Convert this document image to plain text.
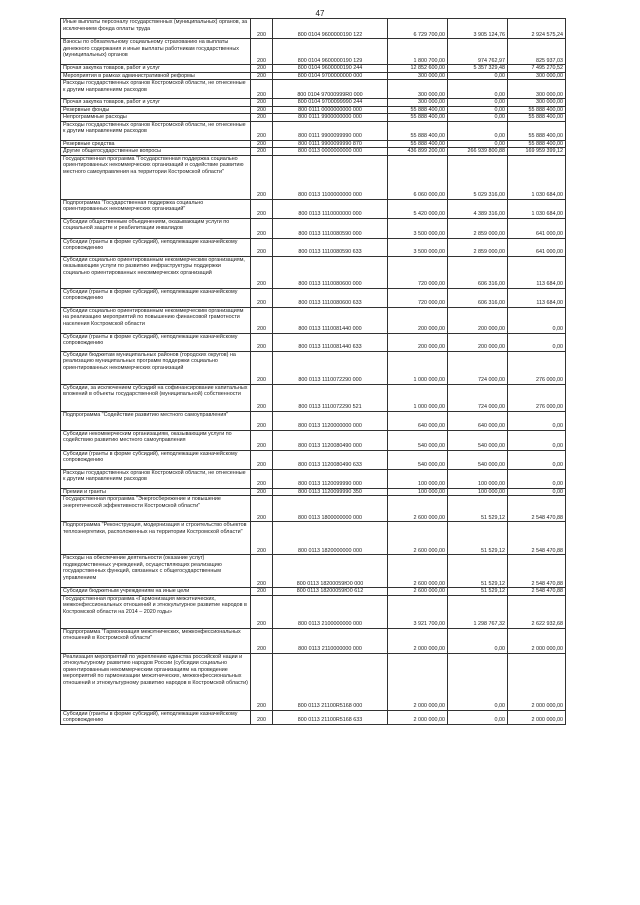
47
Иные выплаты персоналу государственных (муниципальных) органов, за исключением фонда оплаты труда	200	800 0104 9600000190 122	6 729 700,00	3 905 124,76	2 924 575,24
Взносы по обязательному социальному страхованию на выплаты денежного содержания и иные выплаты работникам государственных (муниципальных) органов	200	800 0104 9600000190 129	1 800 700,00	974 762,97	825 937,03
Прочая закупка товаров, работ и услуг	200	800 0104 9600000190 244	12 852 600,00	5 357 329,48	7 495 270,52
Мероприятия в рамках административной реформы	200	800 0104 9700000000 000	300 000,00	0,00	300 000,00
Расходы государственных органов Костромской области, не отнесенные к другим направлениям расходов	200	800 0104 97000999R0 000	300 000,00	0,00	300 000,00
Прочая закупка товаров, работ и услуг	200	800 0104 9700099990 244	300 000,00	0,00	300 000,00
Резервные фонды	200	800 0111 0000000000 000	55 888 400,00	0,00	55 888 400,00
Непрограммные расходы	200	800 0111 9900000000 000	55 888 400,00	0,00	55 888 400,00
Расходы государственных органов Костромской области, не отнесенные к другим направлениям расходов	200	800 0111 9900099990 000	55 888 400,00	0,00	55 888 400,00
Резервные средства	200	800 0111 9900099990 870	55 888 400,00	0,00	55 888 400,00
Другие общегосударственные вопросы	200	800 0113 0000000000 000	436 899 200,00	266 939 800,88	169 959 399,12
Государственная программа "Государственная поддержка социально ориентированных некоммерческих организаций и содействие развитию местного самоуправления на территории Костромской области"	200	800 0113 1100000000 000	6 060 000,00	5 029 316,00	1 030 684,00
Подпрограмма "Государственная поддержка социально ориентированных некоммерческих организаций"	200	800 0113 1110000000 000	5 420 000,00	4 389 316,00	1 030 684,00
Субсидии общественным объединениям, оказывающим услуги по социальной защите и реабилитации инвалидов	200	800 0113 1110080590 000	3 500 000,00	2 859 000,00	641 000,00
Субсидии (гранты в форме субсидий), неподлежащие казначейскому сопровождению	200	800 0113 1110080590 633	3 500 000,00	2 859 000,00	641 000,00
Субсидии социально ориентированным некоммерческим организациям, оказывающим услуги по развитию инфраструктуры поддержки социально ориентированных некоммерческих организаций	200	800 0113 1110080600 000	720 000,00	606 316,00	113 684,00
Субсидии (гранты в форме субсидий), неподлежащие казначейскому сопровождению	200	800 0113 1110080600 633	720 000,00	606 316,00	113 684,00
Субсидии социально ориентированным некоммерческим организациям на реализацию мероприятий по повышению финансовой грамотности населения Костромской области	200	800 0113 1110081440 000	200 000,00	200 000,00	0,00
Субсидии (гранты в форме субсидий), неподлежащие казначейскому сопровождению	200	800 0113 1110081440 633	200 000,00	200 000,00	0,00
Субсидии бюджетам муниципальных районов (городских округов) на реализацию муниципальных программ поддержки социально ориентированных некоммерческих организаций	200	800 0113 1110072290 000	1 000 000,00	724 000,00	276 000,00
Субсидии, за исключением субсидий на софинансирование капитальных вложений в объекты государственной (муниципальной) собственности	200	800 0113 1110072290 521	1 000 000,00	724 000,00	276 000,00
Подпрограмма "Содействие развитию местного самоуправления"	200	800 0113 1120000000 000	640 000,00	640 000,00	0,00
Субсидии некоммерческим организациям, оказывающим услуги по содействию развитию местного самоуправления	200	800 0113 1120080490 000	540 000,00	540 000,00	0,00
Субсидии (гранты в форме субсидий), неподлежащие казначейскому сопровождению	200	800 0113 1120080490 633	540 000,00	540 000,00	0,00
Расходы государственных органов Костромской области, не отнесенные к другим направлениям расходов	200	800 0113 1120099990 000	100 000,00	100 000,00	0,00
Премии и гранты	200	800 0113 1120099990 350	100 000,00	100 000,00	0,00
Государственная программа "Энергосбережение и повышение энергетической эффективности Костромской области"	200	800 0113 1800000000 000	2 600 000,00	51 529,12	2 548 470,88
Подпрограмма "Реконструкция, модернизация и строительство объектов теплоэнергетики, расположенных на территории Костромской области"	200	800 0113 1820000000 000	2 600 000,00	51 529,12	2 548 470,88
Расходы на обеспечение деятельности (оказание услуг) подведомственных учреждений, осуществляющих реализацию государственных функций, связанных с общегосударственным управлением	200	800 0113 18200059Ю0 000	2 600 000,00	51 529,12	2 548 470,88
Субсидии бюджетным учреждениям на иные цели	200	800 0113 18200059Ю0 612	2 600 000,00	51 529,12	2 548 470,88
Государственная программа «Гармонизация межэтнических, межконфессиональных отношений и этнокультурное развитие народов в Костромской области на 2014 – 2020 годы»	200	800 0113 2100000000 000	3 921 700,00	1 298 767,32	2 622 932,68
Подпрограмма "Гармонизация межэтнических, межконфессиональных отношений в Костромской области"	200	800 0113 2110000000 000	2 000 000,00	0,00	2 000 000,00
Реализация мероприятий по укреплению единства российской нации и этнокультурному развитию народов России (субсидии социально ориентированным некоммерческим организациям на проведение мероприятий по гармонизации межэтнических, межконфессиональных отношений и этнокультурному развитию народов в Костромской области)	200	800 0113 21100R5168 000	2 000 000,00	0,00	2 000 000,00
Субсидии (гранты в форме субсидий), неподлежащие казначейскому сопровождению	200	800 0113 21100R5168 633	2 000 000,00	0,00	2 000 000,00
